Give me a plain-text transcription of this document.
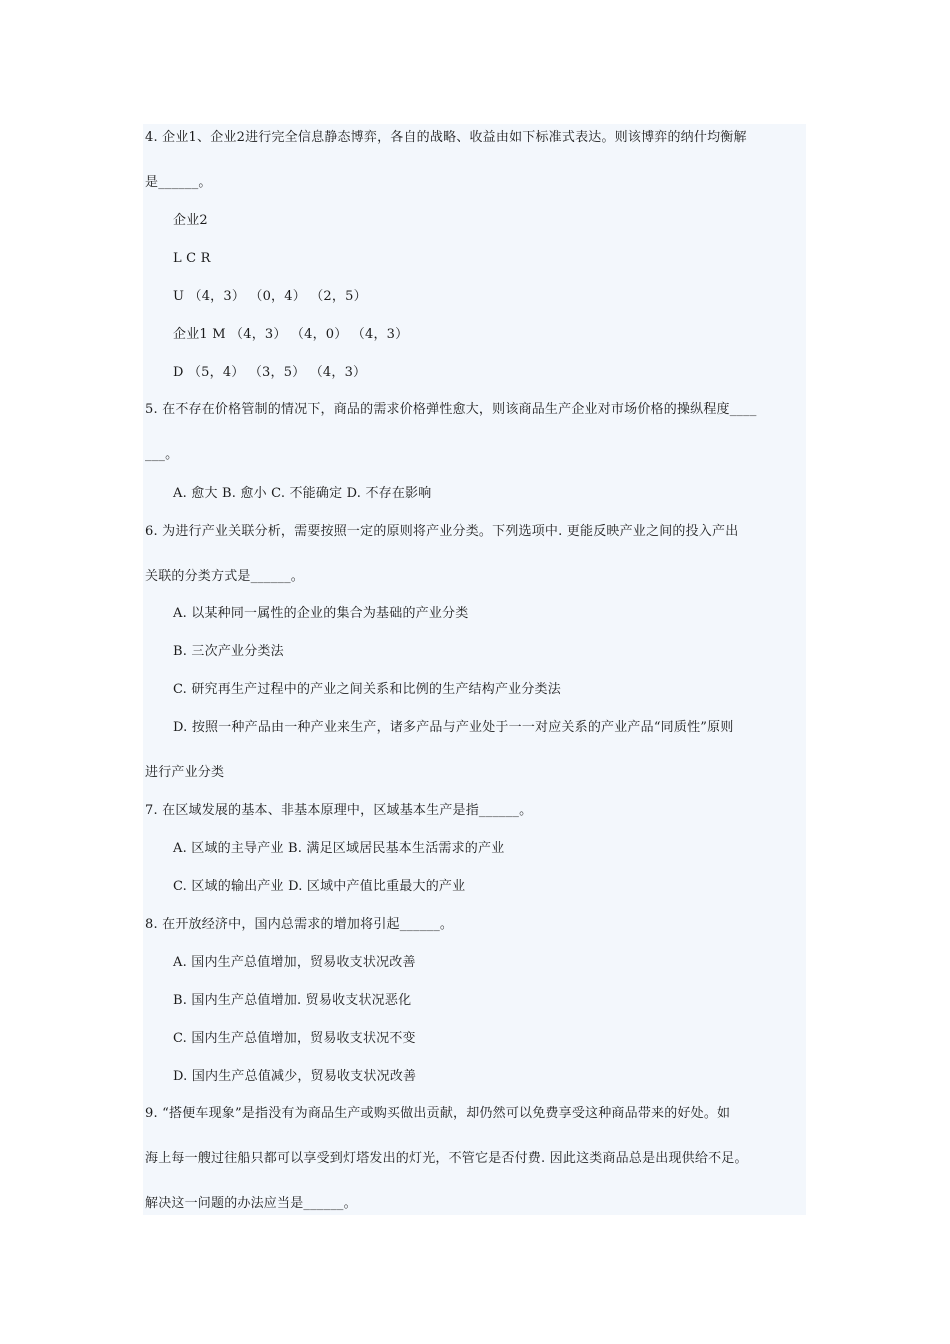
4. 企业1、企业2进行完全信息静态博弈，各自的战略、收益由如下标准式表达。则该博弈的纳什均衡解
是______。
企业2
L C R
U （4，3） （0，4） （2，5）
企业1 M （4，3） （4，0） （4，3）
D （5，4） （3，5） （4，3）
5. 在不存在价格管制的情况下，商品的需求价格弹性愈大，则该商品生产企业对市场价格的操纵程度____
___。
A. 愈大 B. 愈小 C. 不能确定 D. 不存在影响
6. 为进行产业关联分析，需要按照一定的原则将产业分类。下列选项中. 更能反映产业之间的投入产出
关联的分类方式是______。
A. 以某种同一属性的企业的集合为基础的产业分类
B. 三次产业分类法
C. 研究再生产过程中的产业之间关系和比例的生产结构产业分类法
D. 按照一种产品由一种产业来生产，诸多产品与产业处于一一对应关系的产业产品“同质性”原则
进行产业分类
7. 在区域发展的基本、非基本原理中，区域基本生产是指______。
A. 区域的主导产业 B. 满足区域居民基本生活需求的产业
C. 区域的输出产业 D. 区域中产值比重最大的产业
8. 在开放经济中，国内总需求的增加将引起______。
A. 国内生产总值增加，贸易收支状况改善
B. 国内生产总值增加. 贸易收支状况恶化
C. 国内生产总值增加，贸易收支状况不变
D. 国内生产总值减少，贸易收支状况改善
9. “搭便车现象”是指没有为商品生产或购买做出贡献，却仍然可以免费享受这种商品带来的好处。如
海上每一艘过往船只都可以享受到灯塔发出的灯光，不管它是否付费. 因此这类商品总是出现供给不足。
解决这一问题的办法应当是______。
